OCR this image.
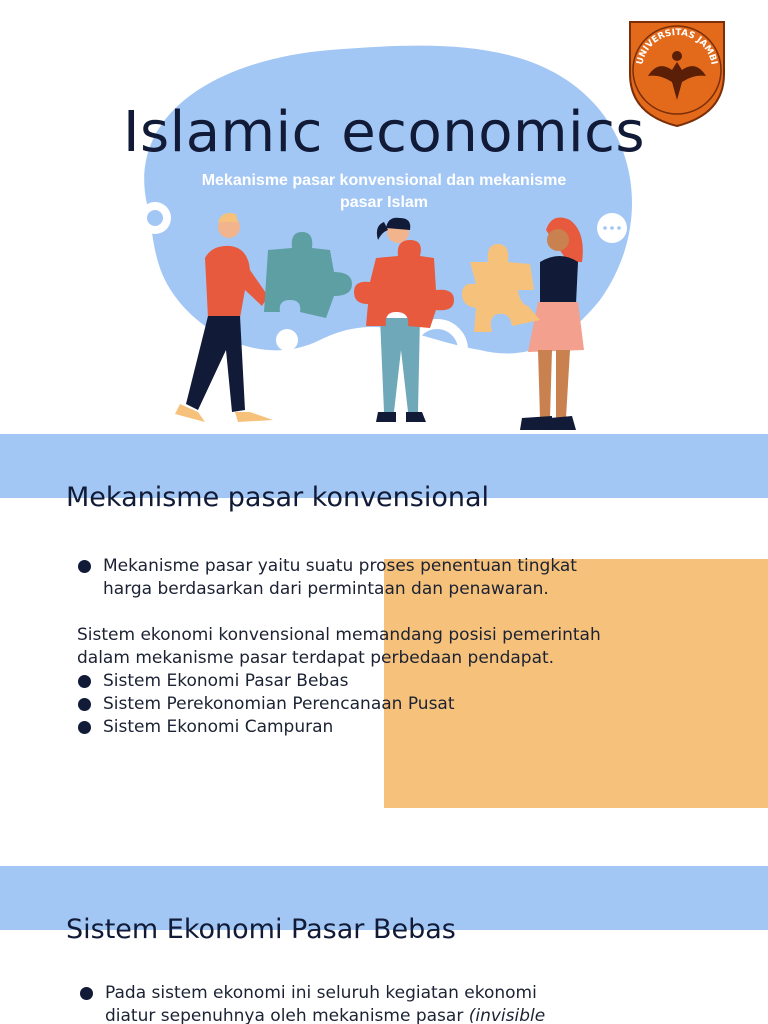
Islamic economics

Mekanisme pasar konvensional dan mekanisme pasar Islam

UNIVERSITAS JAMBI
Mekanisme pasar konvensional
Mekanisme pasar yaitu suatu proses penentuan tingkat
harga berdasarkan dari permintaan dan penawaran.

Sistem ekonomi konvensional memandang posisi pemerintah

dalam mekanisme pasar terdapat perbedaan pendapat.

Sistem Ekonomi Pasar Bebas
Sistem Perekonomian Perencanaan Pusat
Sistem Ekonomi Campuran
Sistem Ekonomi Pasar Bebas
Pada sistem ekonomi ini seluruh kegiatan ekonomi
diatur sepenuhnya oleh mekanisme pasar (invisible
